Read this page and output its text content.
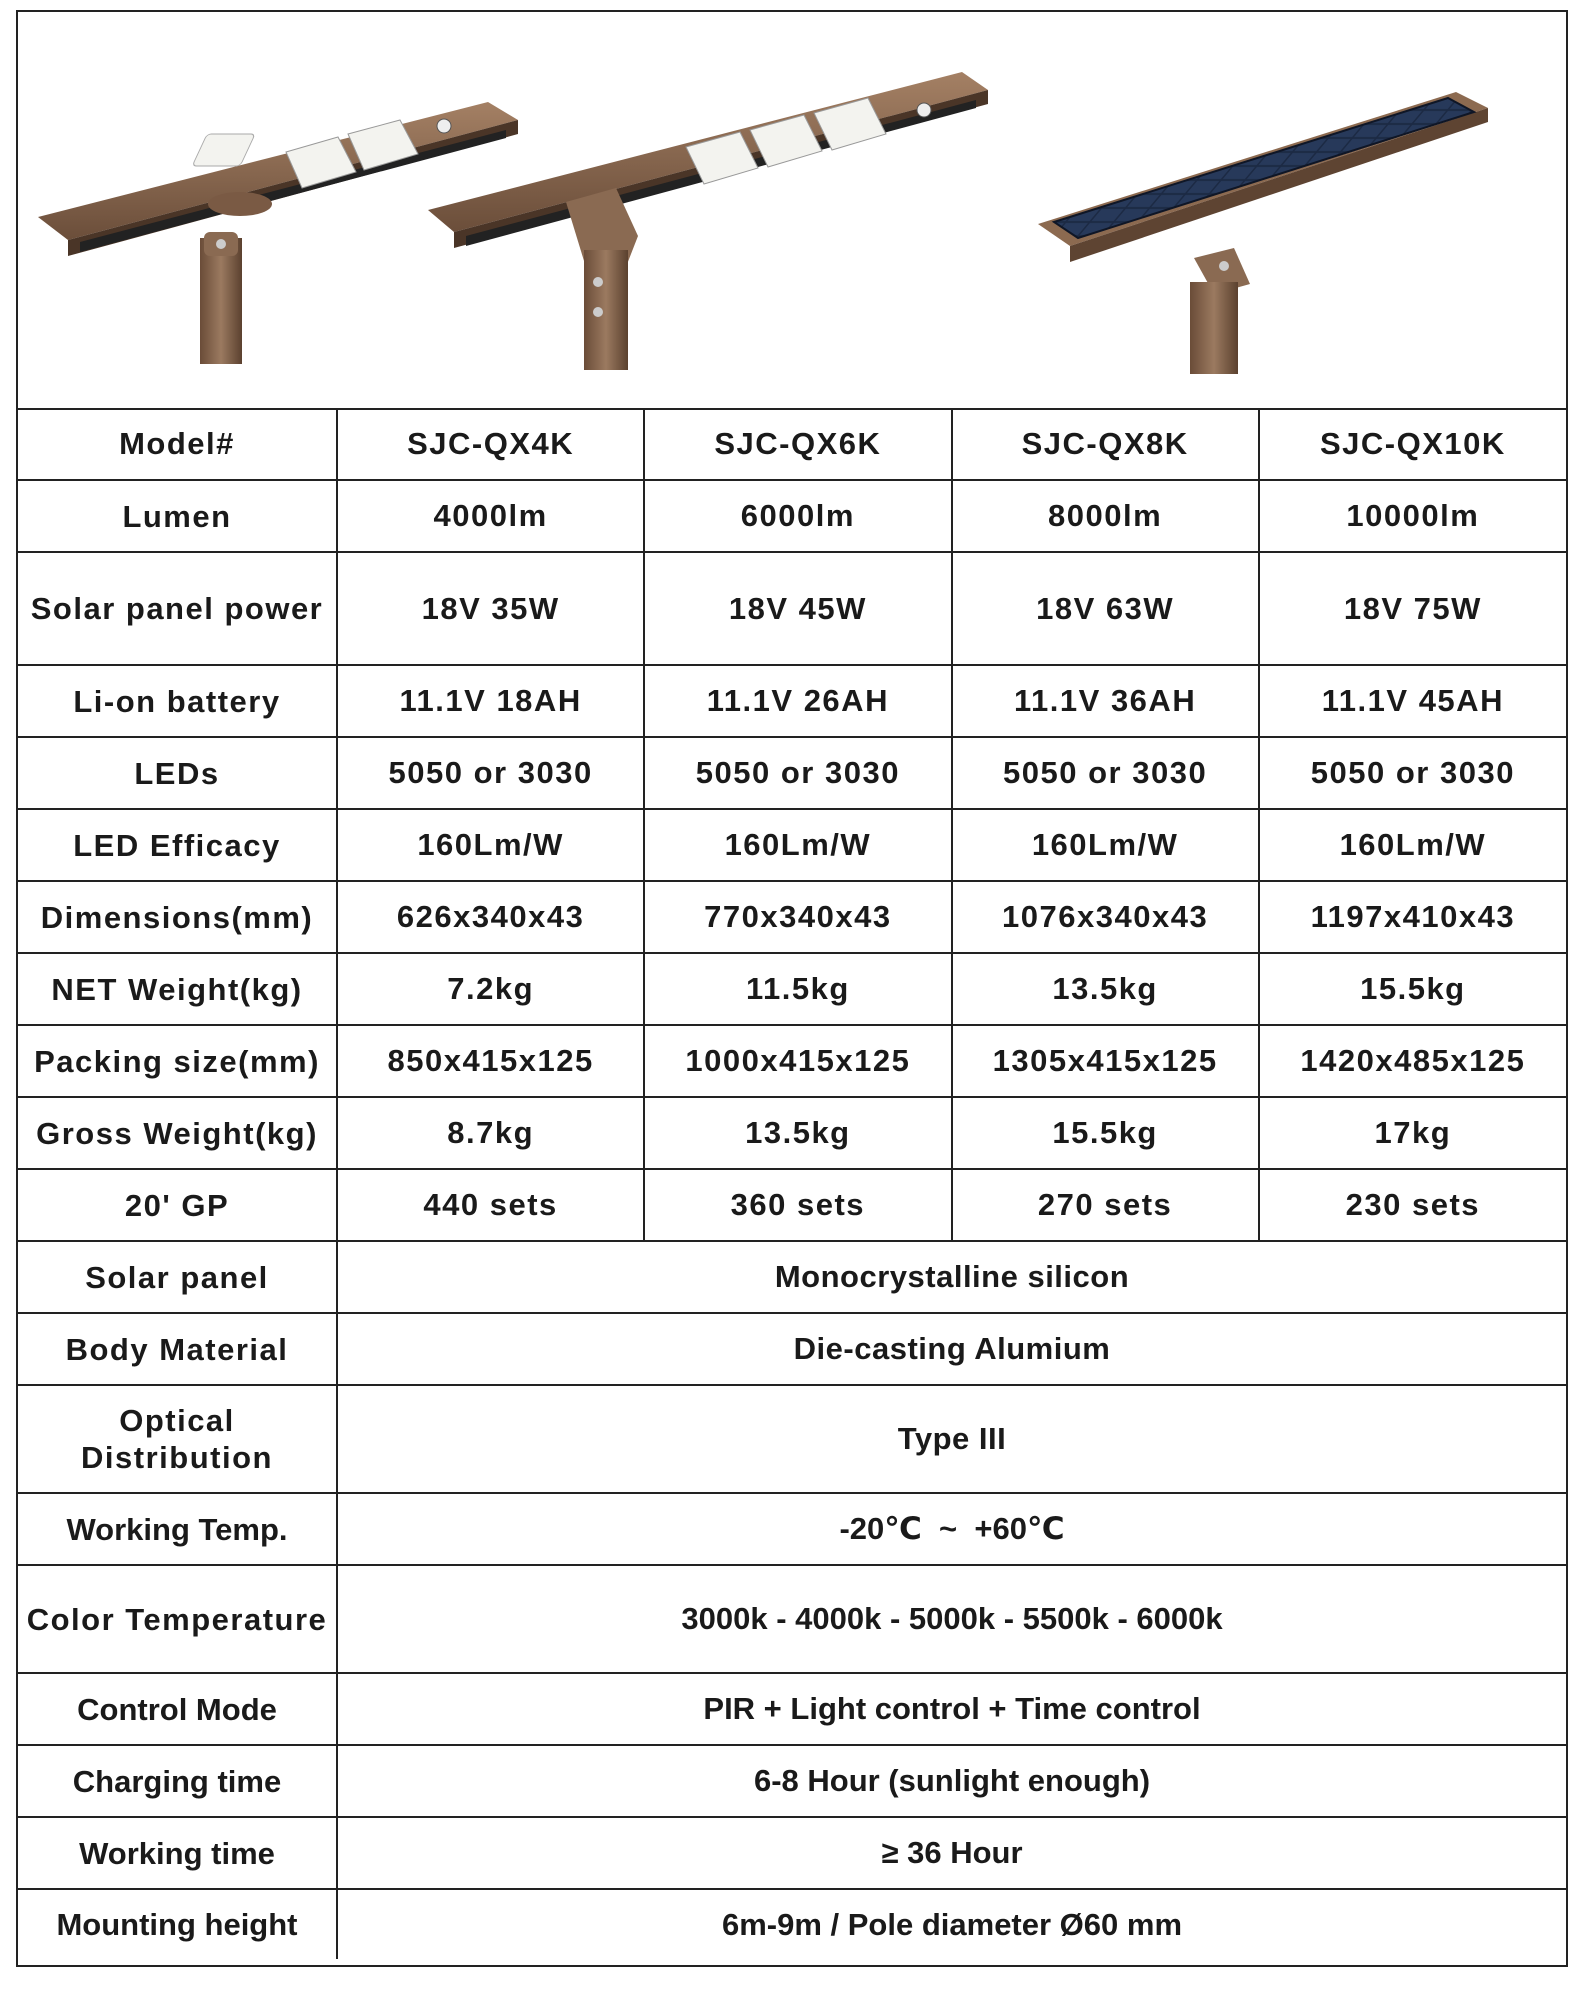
Model#	SJC-QX4K	SJC-QX6K	SJC-QX8K	SJC-QX10K
Lumen	4000lm	6000lm	8000lm	10000lm
Solar panel power	18V 35W	18V 45W	18V 63W	18V 75W
Li-on battery	11.1V 18AH	11.1V 26AH	11.1V 36AH	11.1V 45AH
LEDs	5050 or 3030	5050 or 3030	5050 or 3030	5050 or 3030
LED Efficacy	160Lm/W	160Lm/W	160Lm/W	160Lm/W
Dimensions(mm)	626x340x43	770x340x43	1076x340x43	1197x410x43
NET Weight(kg)	7.2kg	11.5kg	13.5kg	15.5kg
Packing size(mm)	850x415x125	1000x415x125	1305x415x125	1420x485x125
Gross Weight(kg)	8.7kg	13.5kg	15.5kg	17kg
20' GP	440 sets	360 sets	270 sets	230 sets
Solar panel	Monocrystalline silicon			
Body Material	Die-casting Alumium			
Optical Distribution	Type III			
Working Temp.	-20℃  ~  +60℃			
Color Temperature	3000k - 4000k - 5000k - 5500k - 6000k			
Control Mode	PIR + Light control + Time control			
Charging time	6-8 Hour (sunlight enough)			
Working time	≥ 36 Hour			
Mounting height	6m-9m / Pole diameter Ø60 mm			
